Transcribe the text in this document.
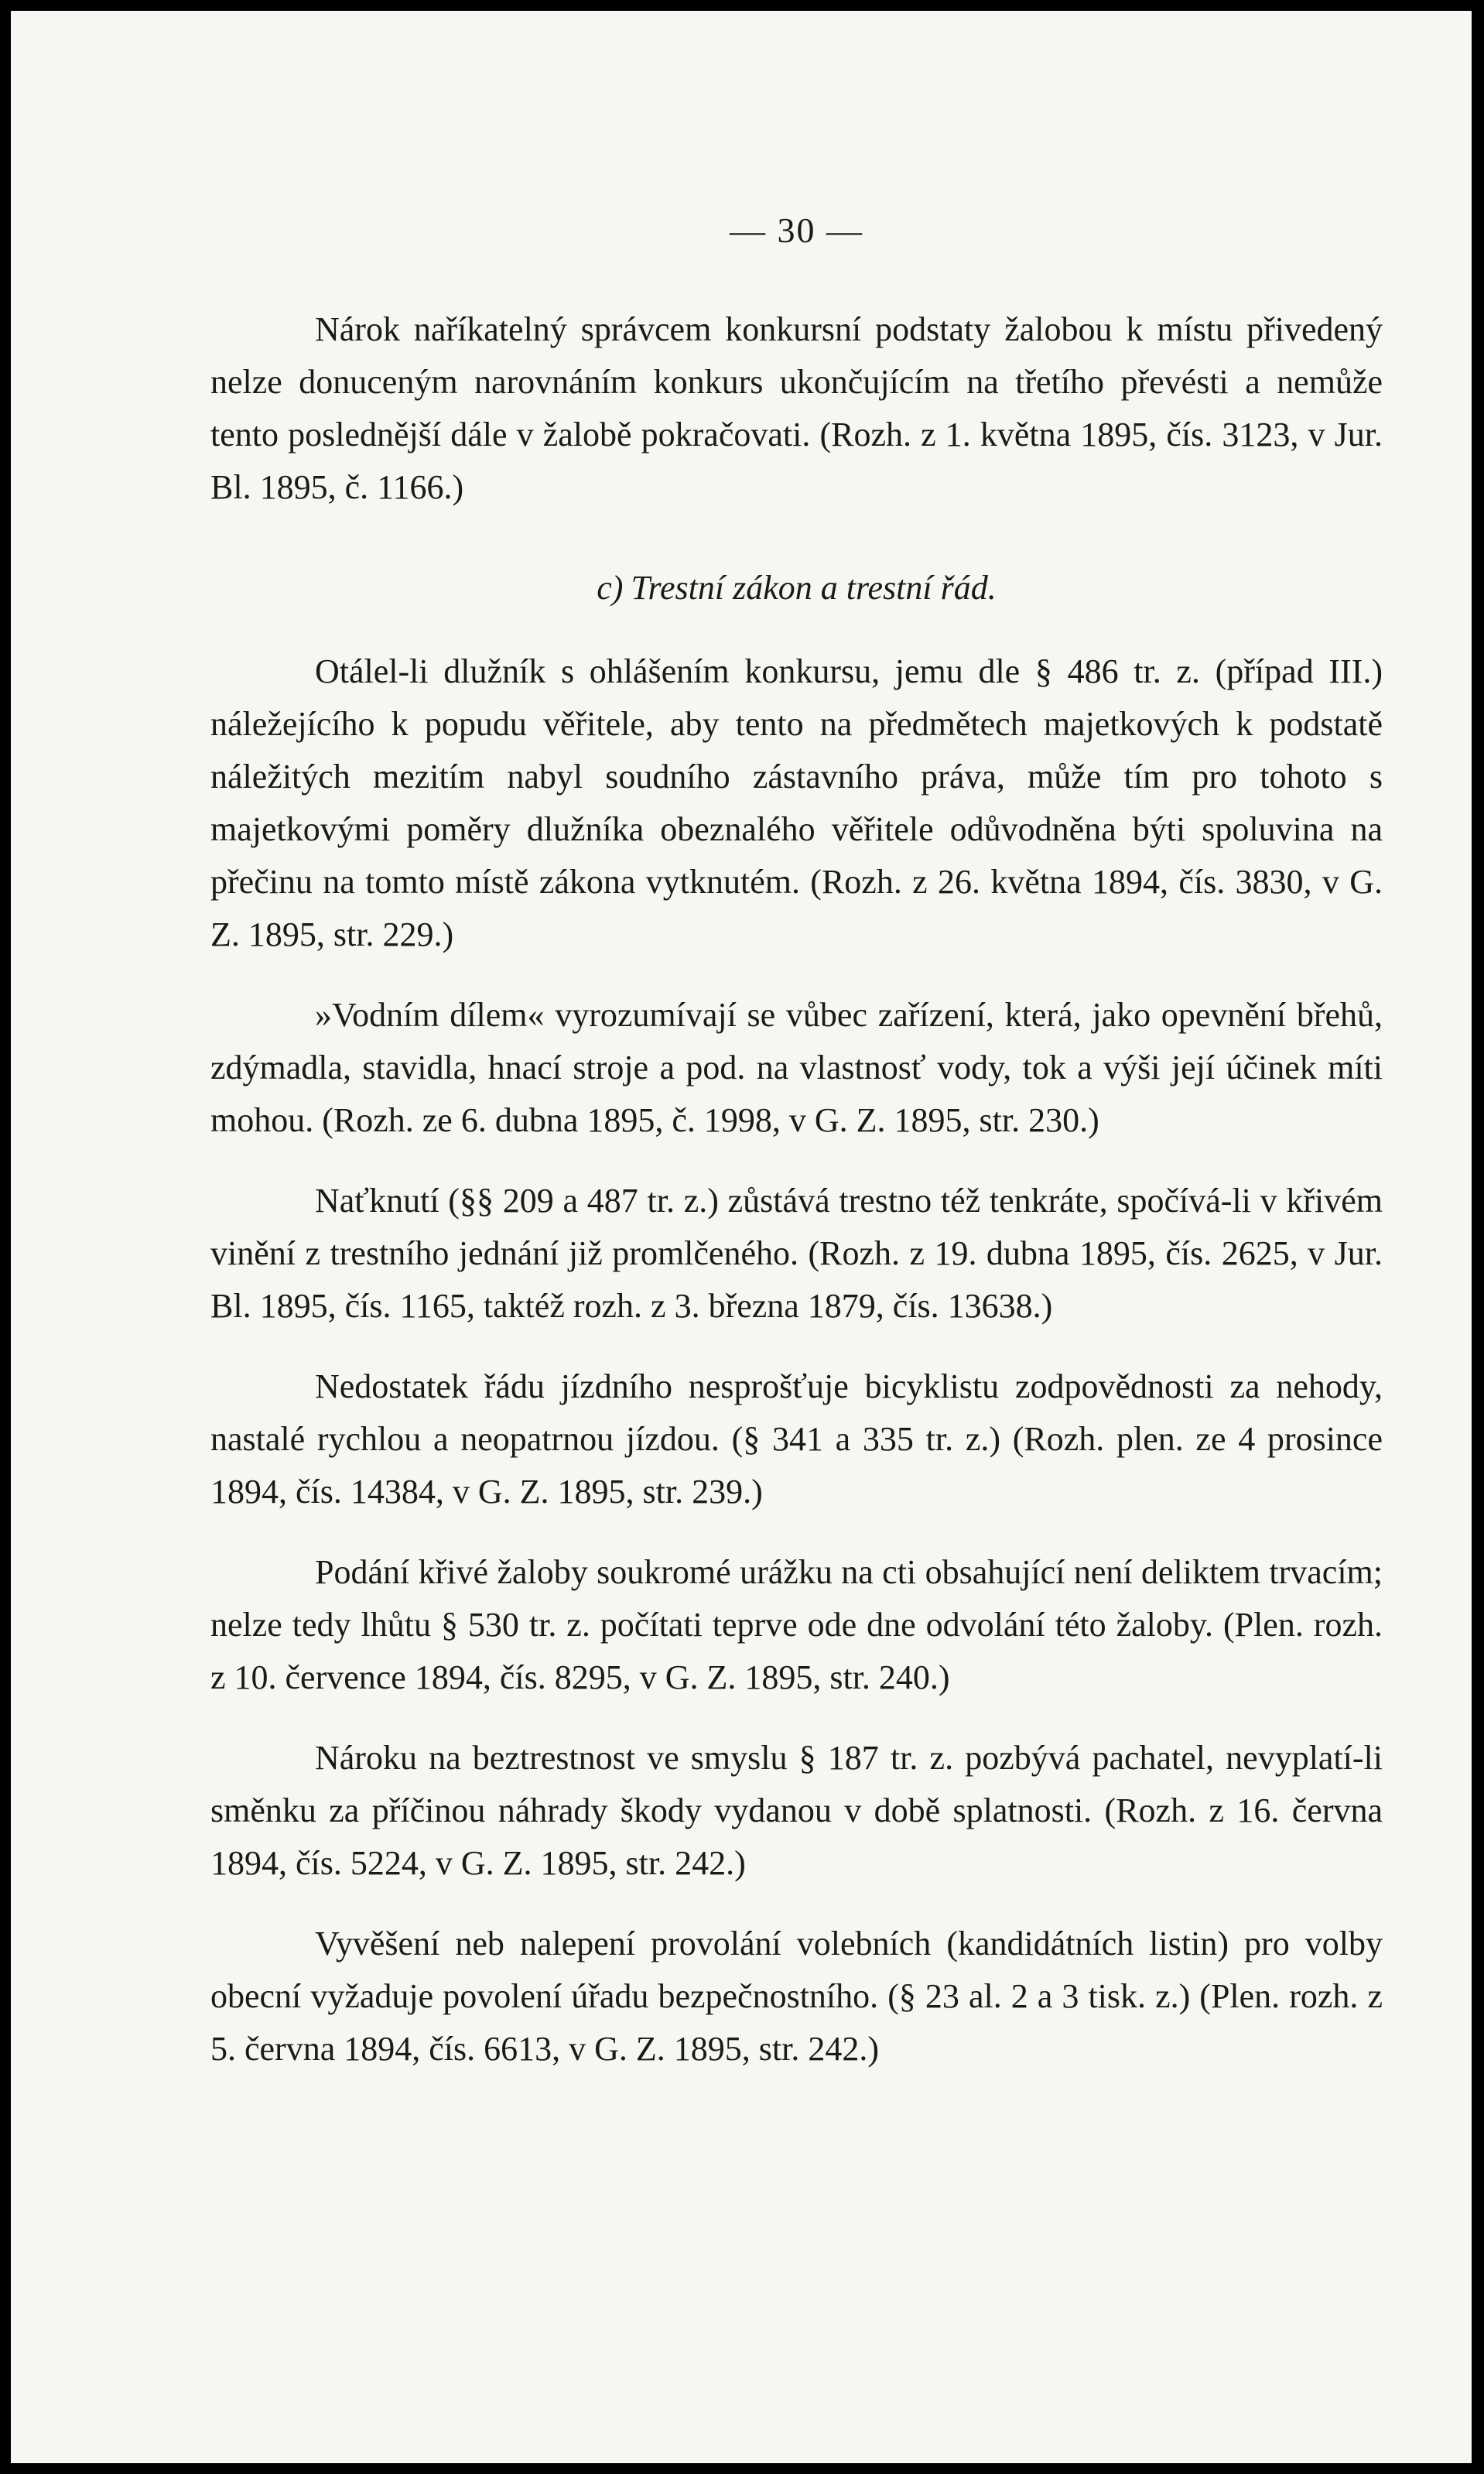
— 30 —

Nárok naříkatelný správcem konkursní podstaty žalobou k místu přivedený nelze donuceným narovnáním konkurs ukončujícím na třetího převésti a nemůže tento poslednější dále v žalobě pokračovati. (Rozh. z 1. května 1895, čís. 3123, v Jur. Bl. 1895, č. 1166.)

c) Trestní zákon a trestní řád.

Otálel-li dlužník s ohlášením konkursu, jemu dle § 486 tr. z. (případ III.) náležejícího k popudu věřitele, aby tento na předmětech majetkových k podstatě náležitých mezitím nabyl soudního zástavního práva, může tím pro tohoto s majetkovými poměry dlužníka obeznalého věřitele odůvodněna býti spoluvina na přečinu na tomto místě zákona vytknutém. (Rozh. z 26. května 1894, čís. 3830, v G. Z. 1895, str. 229.)

»Vodním dílem« vyrozumívají se vůbec zařízení, která, jako opevnění břehů, zdýmadla, stavidla, hnací stroje a pod. na vlastnosť vody, tok a výši její účinek míti mohou. (Rozh. ze 6. dubna 1895, č. 1998, v G. Z. 1895, str. 230.)

Naťknutí (§§ 209 a 487 tr. z.) zůstává trestno též tenkráte, spočívá-li v křivém vinění z trestního jednání již promlčeného. (Rozh. z 19. dubna 1895, čís. 2625, v Jur. Bl. 1895, čís. 1165, taktéž rozh. z 3. března 1879, čís. 13638.)

Nedostatek řádu jízdního nesprošťuje bicyklistu zodpovědnosti za nehody, nastalé rychlou a neopatrnou jízdou. (§ 341 a 335 tr. z.) (Rozh. plen. ze 4 prosince 1894, čís. 14384, v G. Z. 1895, str. 239.)

Podání křivé žaloby soukromé urážku na cti obsahující není deliktem trvacím; nelze tedy lhůtu § 530 tr. z. počítati teprve ode dne odvolání této žaloby. (Plen. rozh. z 10. července 1894, čís. 8295, v G. Z. 1895, str. 240.)

Nároku na beztrestnost ve smyslu § 187 tr. z. pozbývá pachatel, nevyplatí-li směnku za příčinou náhrady škody vydanou v době splatnosti. (Rozh. z 16. června 1894, čís. 5224, v G. Z. 1895, str. 242.)

Vyvěšení neb nalepení provolání volebních (kandidátních listin) pro volby obecní vyžaduje povolení úřadu bezpečnostního. (§ 23 al. 2 a 3 tisk. z.) (Plen. rozh. z 5. června 1894, čís. 6613, v G. Z. 1895, str. 242.)
